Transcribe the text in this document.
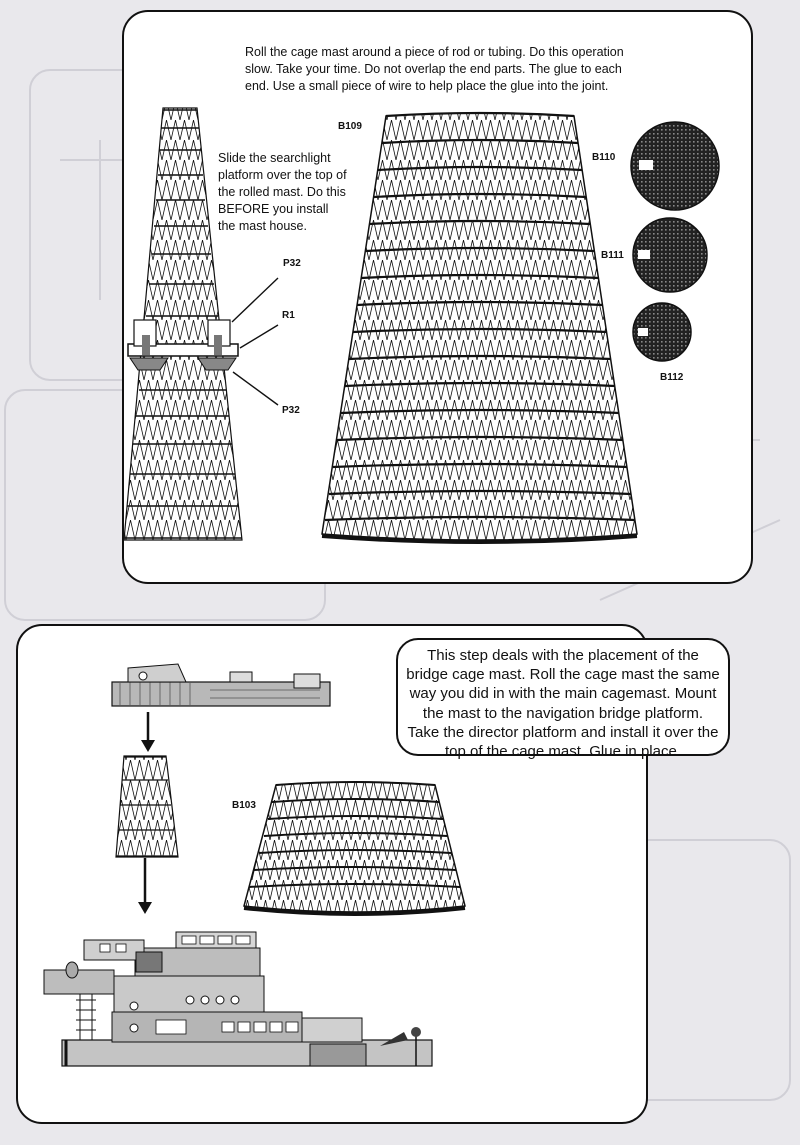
Roll the cage mast around a piece of rod or tubing. Do this operation slow. Take your time. Do not overlap the end parts. The glue to each end. Use a small piece of wire to help place the glue into the joint.
Slide the searchlight platform over the top of the rolled mast. Do this BEFORE you install the mast house.
P32
R1
P32
B109
B110
B111
B112
B103
This step deals with the placement of the bridge cage mast. Roll the cage mast the same way you did in with the main cagemast. Mount the mast to the navigation bridge platform. Take the director platform and install it over the top of the cage mast. Glue in place.
